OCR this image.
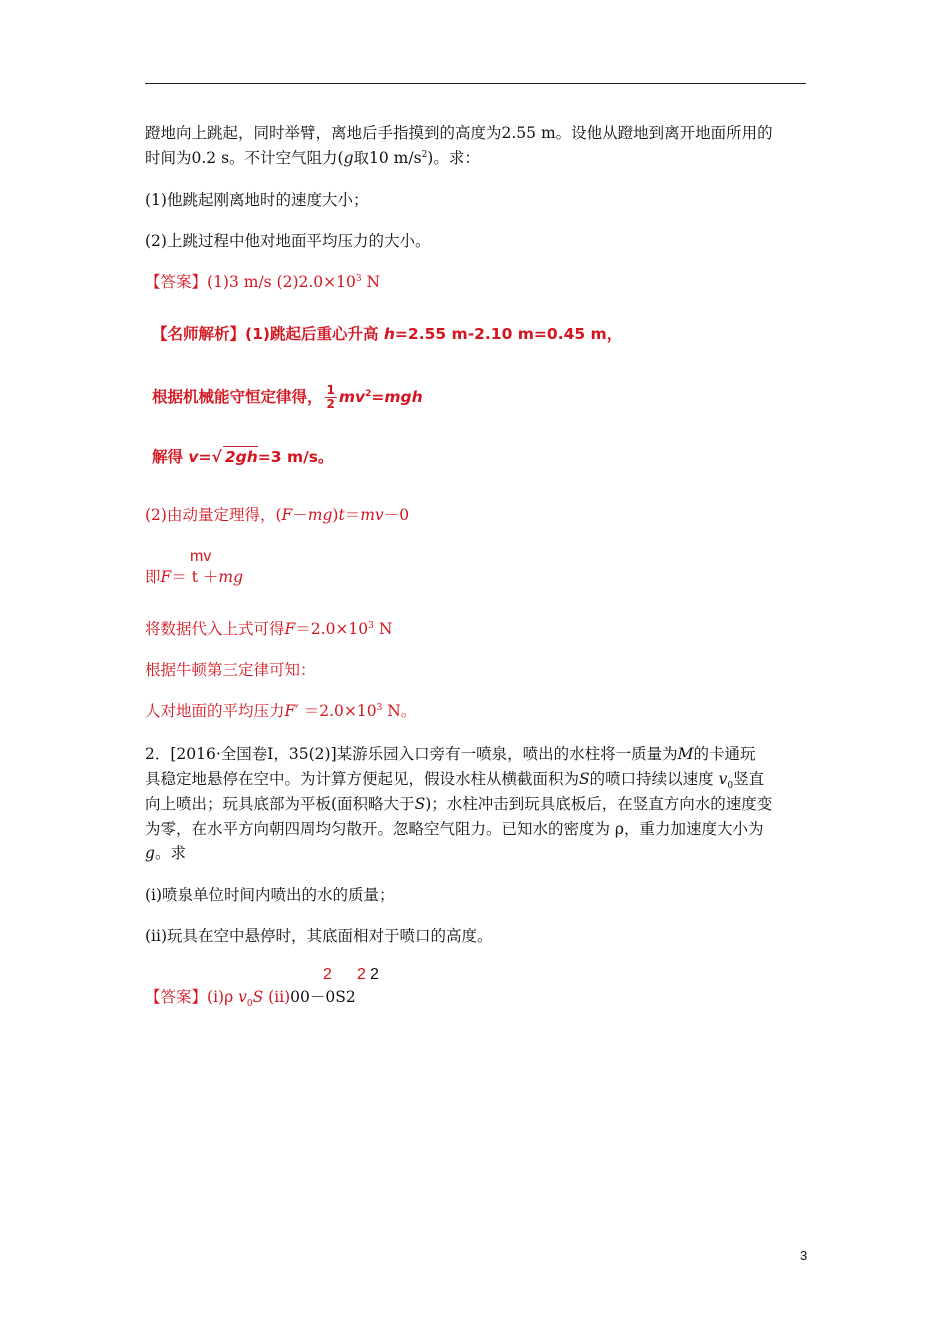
蹬地向上跳起，同时举臂，离地后手指摸到的高度为2.55 m。设他从蹬地到离开地面所用的
时间为0.2 s。不计空气阻力(g取10 $m/s^2$)。求：
(1)他跳起刚离地时的速度大小；
(2)上跳过程中他对地面平均压力的大小。
【答案】(1)3 m/s $(2)2.0\times 10^3$ N
【名师解析】(1)跳起后重心升高 h=2.55 m-2.10 m=0.45 m，
根据机械能守恒定律得， $\frac{1}{2} mv^2=mgh$
解得 v=√ 2gh=3 m/s。
(2)由动量定理得，(F－mg)t＝mv－0
mv
即F＝ t ＋mg
将数据代入上式可得$F=2.0\times 10^3$ N
根据牛顿第三定律可知：
人对地面的平均压力$F' =2.0\times 10^3$ N。
2．[2016·全国卷Ⅰ，35(2)]某游乐园入口旁有一喷泉，喷出的水柱将一质量为M的卡通玩
具稳定地悬停在空中。为计算方便起见，假设水柱从横截面积为S的喷口持续以速度 $v_0$竖直
向上喷出；玩具底部为平板(面积略大于S)；水柱冲击到玩具底板后，在竖直方向水的速度变
为零，在水平方向朝四周均匀散开。忽略空气阻力。已知水的密度为 ρ，重力加速度大小为
g。求
(ⅰ)喷泉单位时间内喷出的水的质量；
(ⅱ)玩具在空中悬停时，其底面相对于喷口的高度。
2 2 2
【答案】(ⅰ)ρ $v_0S$ (ⅱ)00－0S2
3
